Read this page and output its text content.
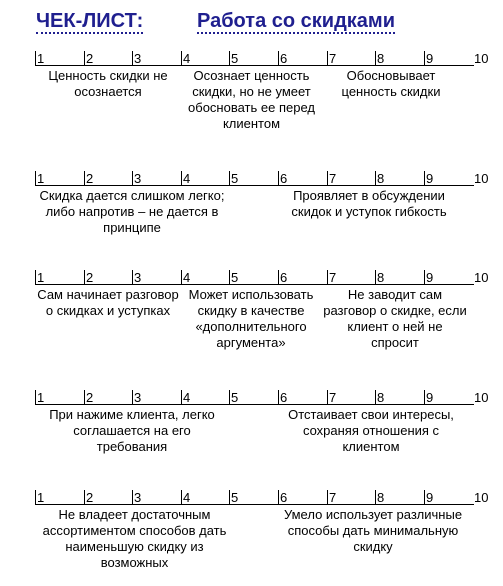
ЧЕК-ЛИСТ:	Работа со скидками
1	2	3	4	5	6	7	8	9	10
Ценность скидки не осознается
Осознает ценность скидки, но не умеет обосновать ее перед клиентом
Обосновывает ценность скидки
1	2	3	4	5	6	7	8	9	10
Скидка дается слишком легко; либо напротив – не дается в принципе
Проявляет в обсуждении скидок и уступок гибкость
1	2	3	4	5	6	7	8	9	10
Сам начинает разговор о скидках и уступках
Может использовать скидку в качестве «дополнительного аргумента»
Не заводит сам разговор о скидке, если клиент о ней не спросит
1	2	3	4	5	6	7	8	9	10
При нажиме клиента, легко соглашается на его требования
Отстаивает свои интересы, сохраняя отношения с клиентом
1	2	3	4	5	6	7	8	9	10
Не владеет достаточным ассортиментом способов дать наименьшую скидку из возможных
Умело использует различные способы дать минимальную скидку
